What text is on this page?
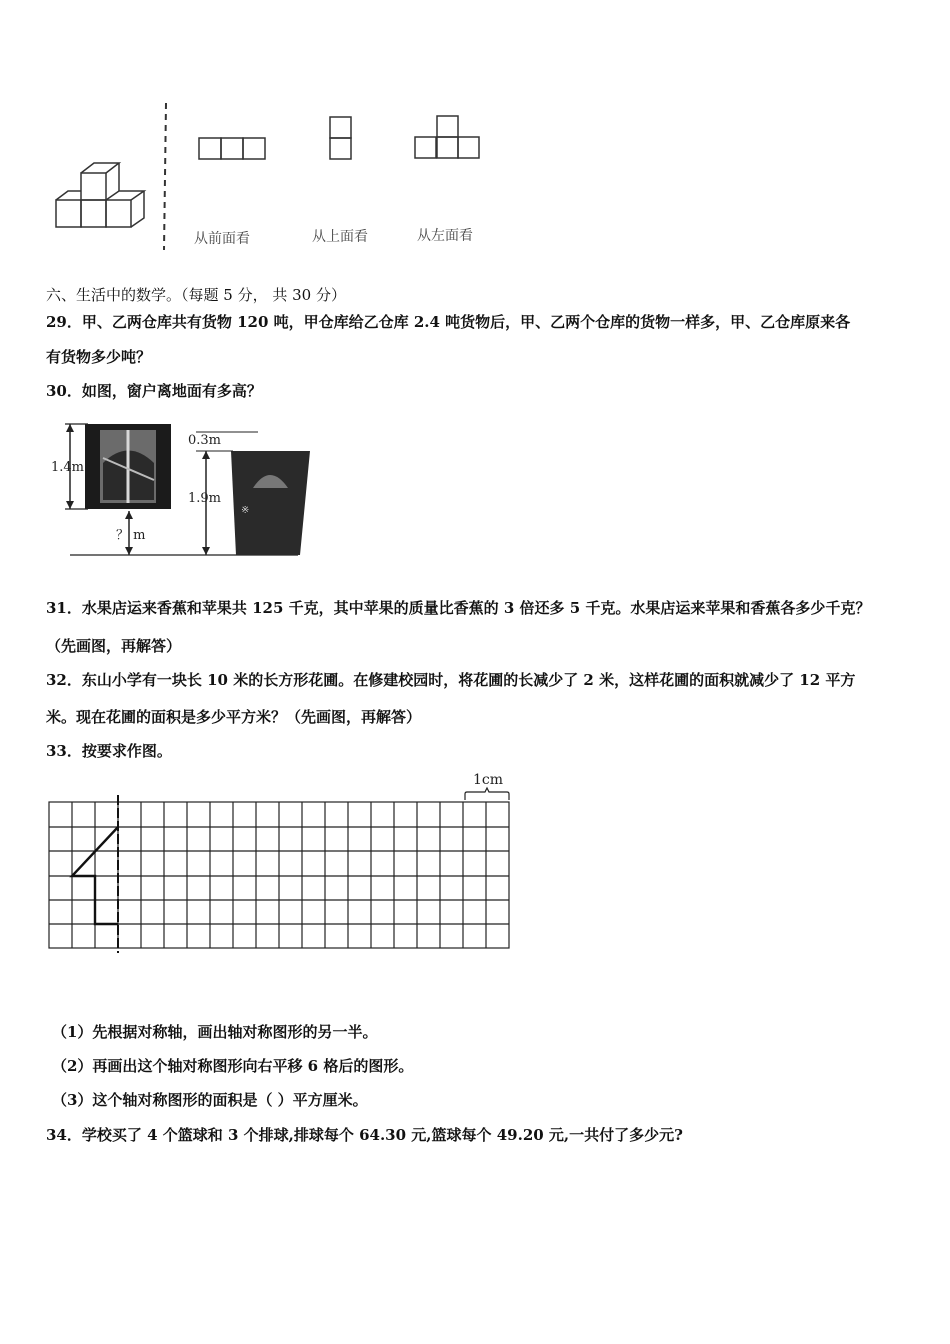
从前面看	从上面看	从左面看
六、生活中的数学。（每题 5 分， 共 30 分）
29．甲、乙两仓库共有货物 120 吨，甲仓库给乙仓库 2.4 吨货物后，甲、乙两个仓库的货物一样多，甲、乙仓库原来各
有货物多少吨？
30．如图，窗户离地面有多高？
1.4m
？ m
※
0.3m
1.9m
31．水果店运来香蕉和苹果共 125 千克，其中苹果的质量比香蕉的 3 倍还多 5 千克。水果店运来苹果和香蕉各多少千克？
（先画图，再解答）
32．东山小学有一块长 10 米的长方形花圃。在修建校园时，将花圃的长减少了 2 米，这样花圃的面积就减少了 12 平方
米。现在花圃的面积是多少平方米？（先画图，再解答）
33．按要求作图。
1cm
（1）先根据对称轴，画出轴对称图形的另一半。
（2）再画出这个轴对称图形向右平移 6 格后的图形。
（3）这个轴对称图形的面积是（ ）平方厘米。
34．学校买了 4 个篮球和 3 个排球,排球每个 64.30 元,篮球每个 49.20 元,一共付了多少元?
